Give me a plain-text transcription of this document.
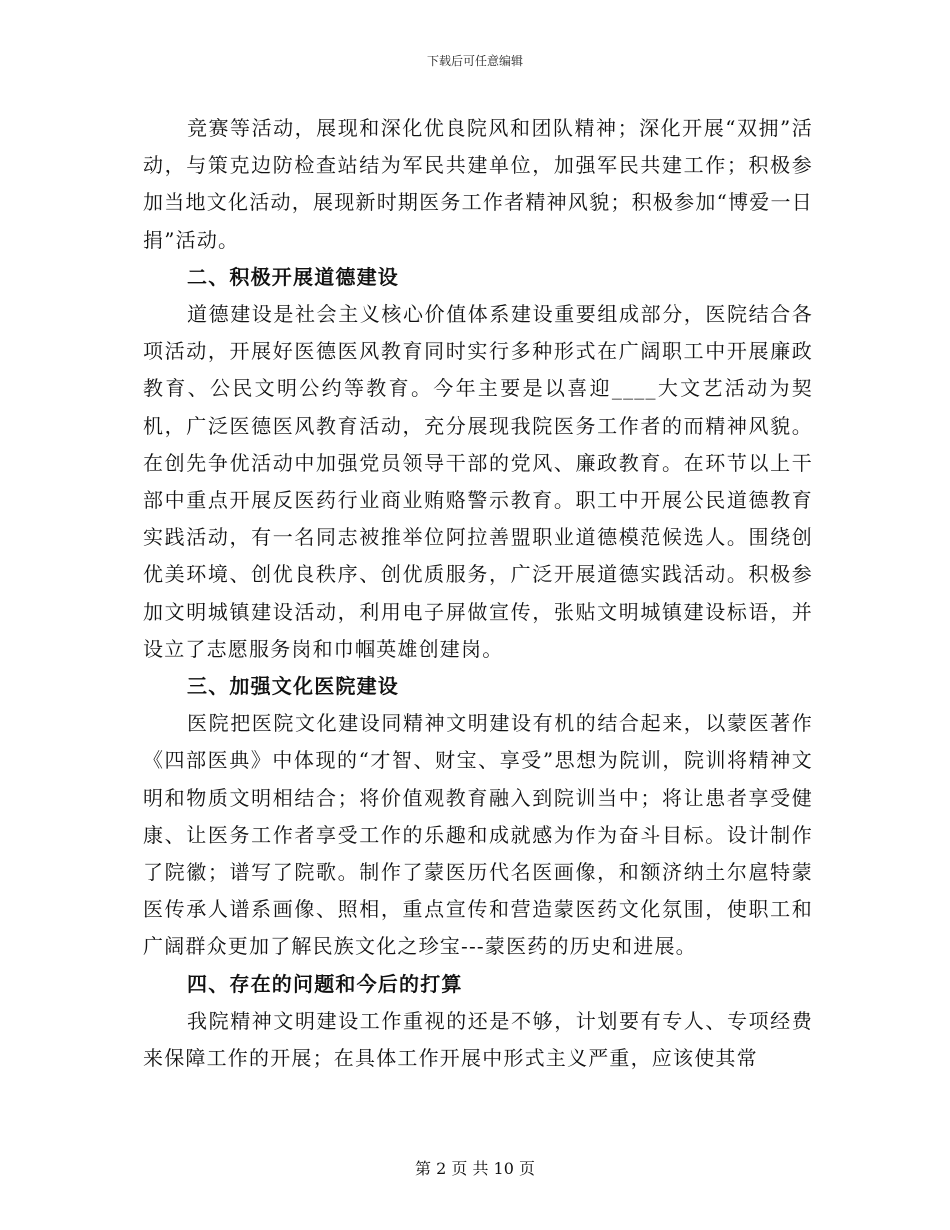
下载后可任意编辑

竞赛等活动，展现和深化优良院风和团队精神；深化开展“双拥”活动，与策克边防检查站结为军民共建单位，加强军民共建工作；积极参加当地文化活动，展现新时期医务工作者精神风貌；积极参加“博爱一日捐”活动。

二、积极开展道德建设

道德建设是社会主义核心价值体系建设重要组成部分，医院结合各项活动，开展好医德医风教育同时实行多种形式在广阔职工中开展廉政教育、公民文明公约等教育。今年主要是以喜迎____大文艺活动为契机，广泛医德医风教育活动，充分展现我院医务工作者的而精神风貌。在创先争优活动中加强党员领导干部的党风、廉政教育。在环节以上干部中重点开展反医药行业商业贿赂警示教育。职工中开展公民道德教育实践活动，有一名同志被推举位阿拉善盟职业道德模范候选人。围绕创优美环境、创优良秩序、创优质服务，广泛开展道德实践活动。积极参加文明城镇建设活动，利用电子屏做宣传，张贴文明城镇建设标语，并设立了志愿服务岗和巾帼英雄创建岗。

三、加强文化医院建设

医院把医院文化建设同精神文明建设有机的结合起来，以蒙医著作《四部医典》中体现的“才智、财宝、享受”思想为院训，院训将精神文明和物质文明相结合；将价值观教育融入到院训当中；将让患者享受健康、让医务工作者享受工作的乐趣和成就感为作为奋斗目标。设计制作了院徽；谱写了院歌。制作了蒙医历代名医画像，和额济纳土尔扈特蒙医传承人谱系画像、照相，重点宣传和营造蒙医药文化氛围，使职工和广阔群众更加了解民族文化之珍宝---蒙医药的历史和进展。

四、存在的问题和今后的打算

我院精神文明建设工作重视的还是不够，计划要有专人、专项经费来保障工作的开展；在具体工作开展中形式主义严重，应该使其常

第 2 页 共 10 页
